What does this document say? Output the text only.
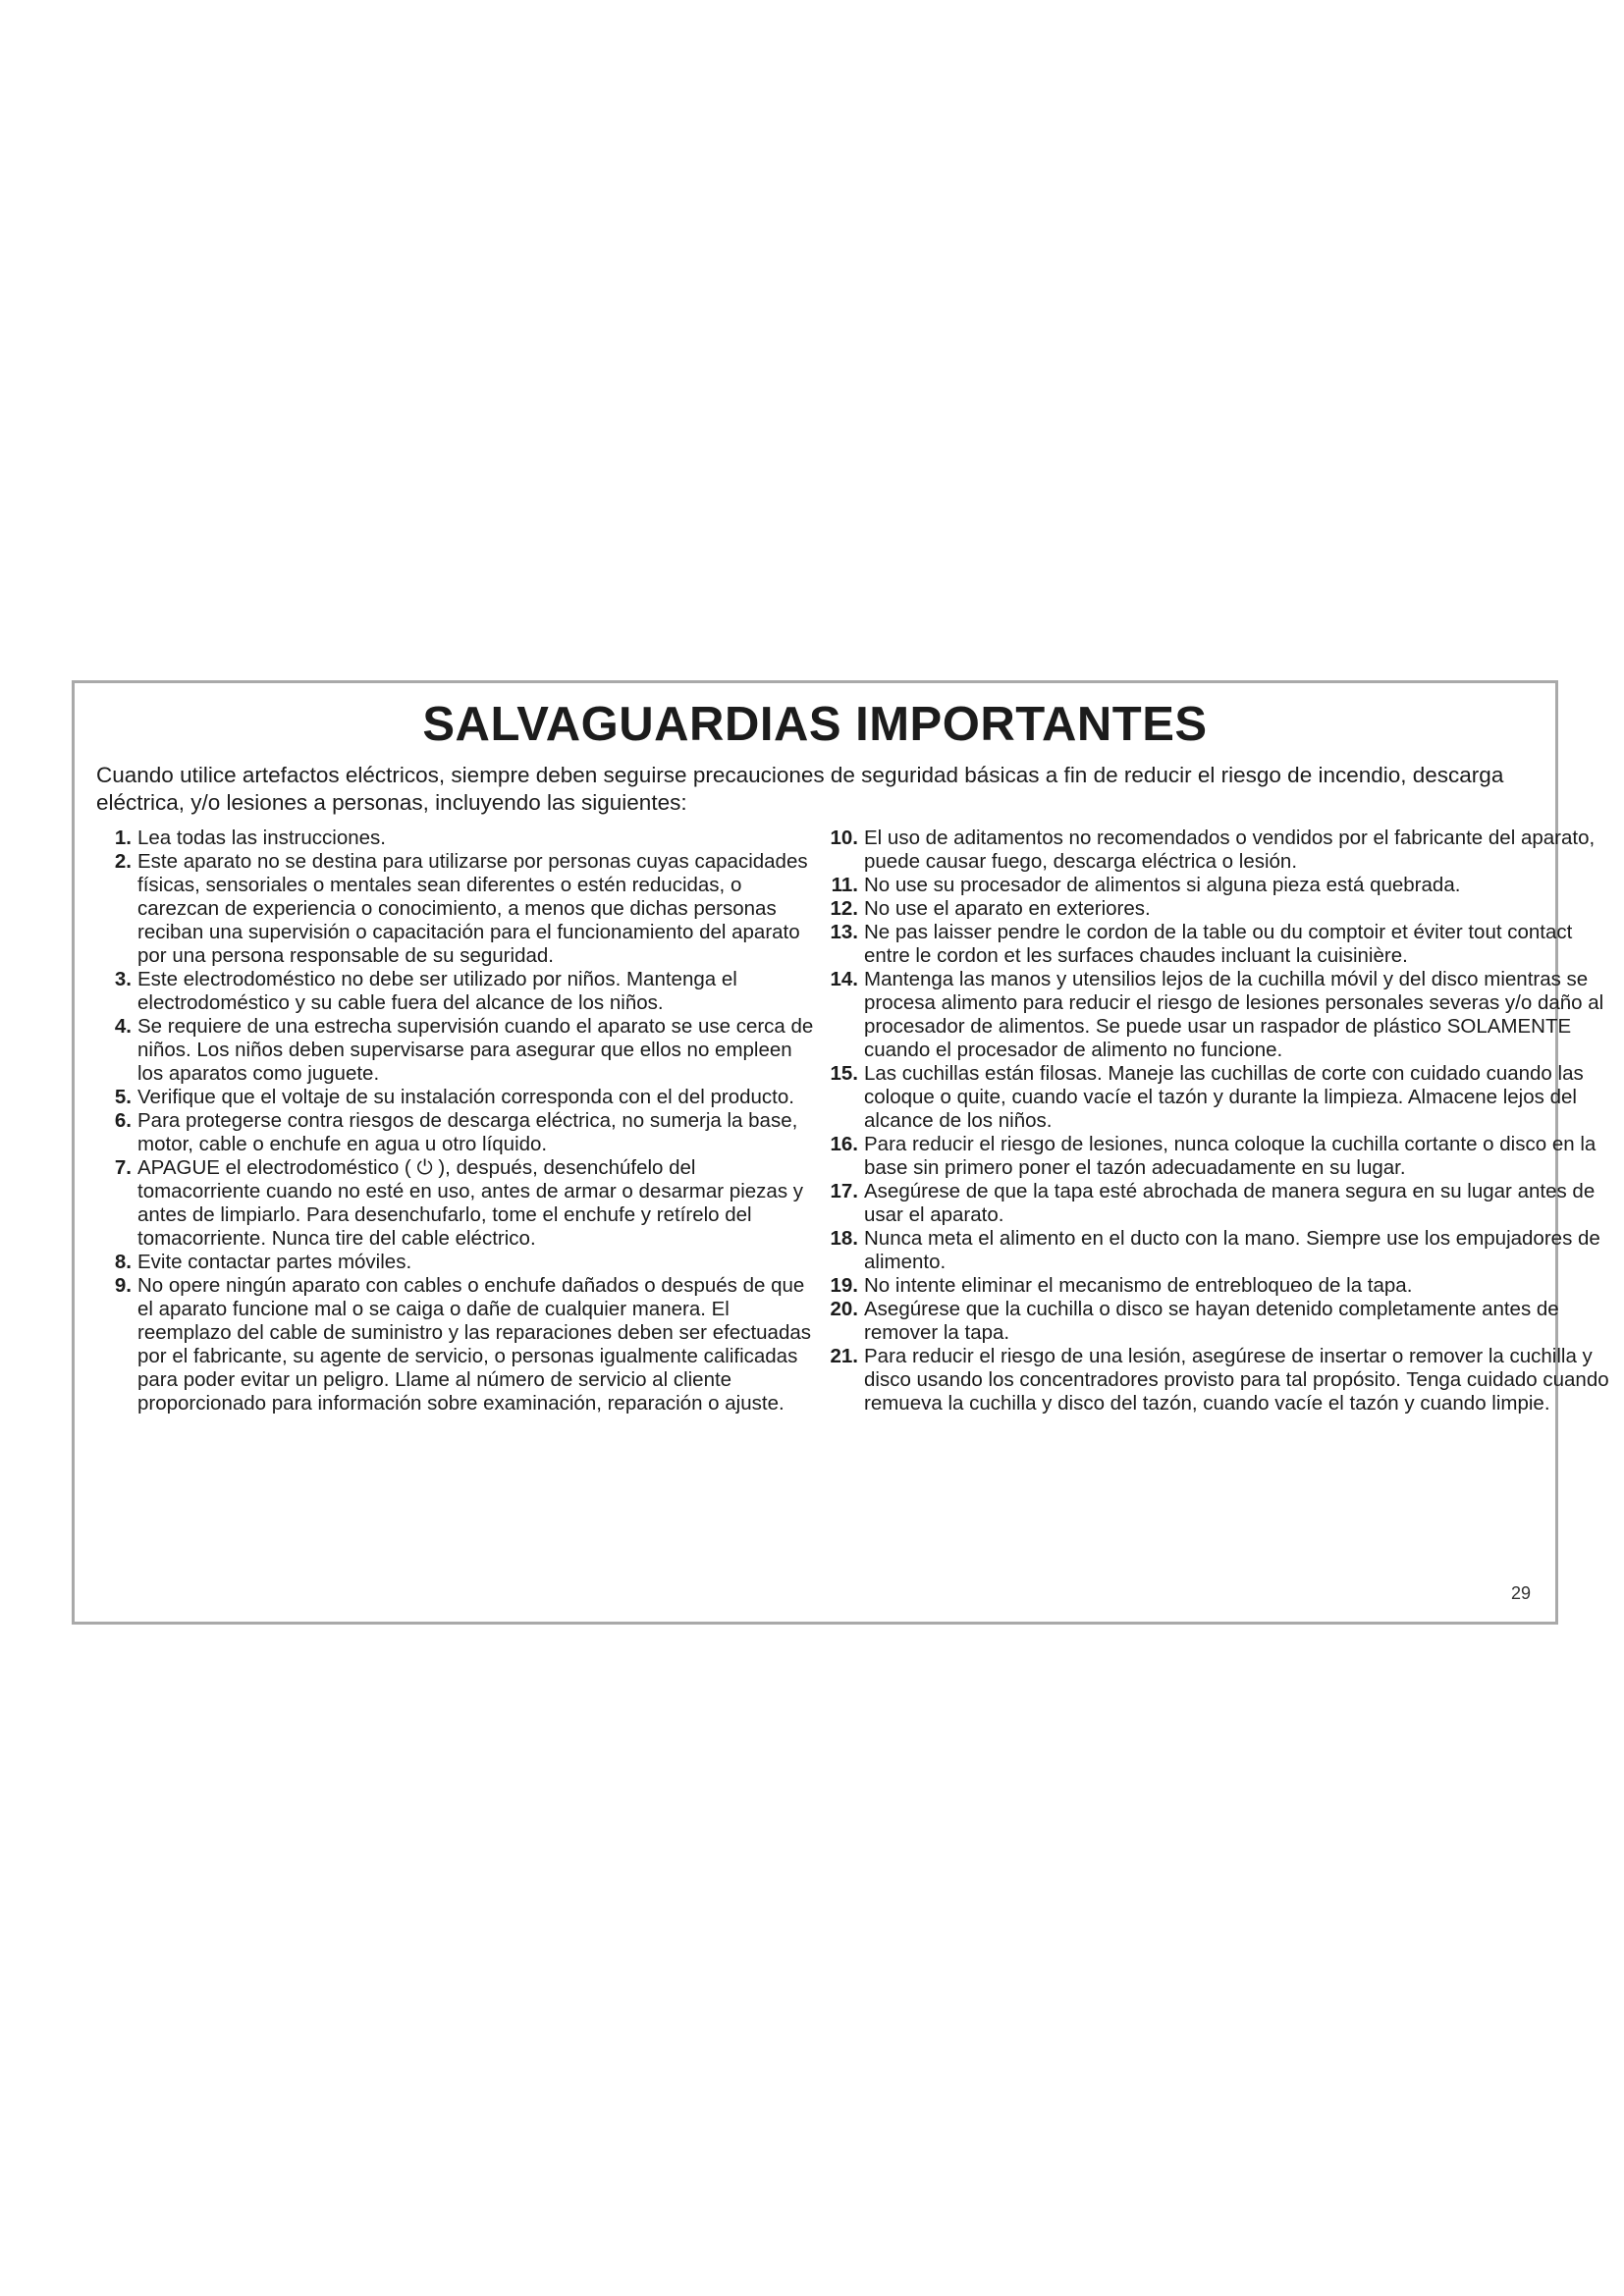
SALVAGUARDIAS IMPORTANTES

Cuando utilice artefactos eléctricos, siempre deben seguirse precauciones de seguridad básicas a fin de reducir el riesgo de incendio, descarga eléctrica, y/o lesiones a personas, incluyendo las siguientes:

1. Lea todas las instrucciones.
2. Este aparato no se destina para utilizarse por personas cuyas capacidades físicas, sensoriales o mentales sean diferentes o estén reducidas, o carezcan de experiencia o conocimiento, a menos que dichas personas reciban una supervisión o capacitación para el funcionamiento del aparato por una persona responsable de su seguridad.
3. Este electrodoméstico no debe ser utilizado por niños. Mantenga el electrodoméstico y su cable fuera del alcance de los niños.
4. Se requiere de una estrecha supervisión cuando el aparato se use cerca de niños. Los niños deben supervisarse para asegurar que ellos no empleen los aparatos como juguete.
5. Verifique que el voltaje de su instalación corresponda con el del producto.
6. Para protegerse contra riesgos de descarga eléctrica, no sumerja la base, motor, cable o enchufe en agua u otro líquido.
7. APAGUE el electrodoméstico ( ⏻ ), después, desenchúfelo del tomacorriente cuando no esté en uso, antes de armar o desarmar piezas y antes de limpiarlo. Para desenchufarlo, tome el enchufe y retírelo del tomacorriente. Nunca tire del cable eléctrico.
8. Evite contactar partes móviles.
9. No opere ningún aparato con cables o enchufe dañados o después de que el aparato funcione mal o se caiga o dañe de cualquier manera. El reemplazo del cable de suministro y las reparaciones deben ser efectuadas por el fabricante, su agente de servicio, o personas igualmente calificadas para poder evitar un peligro. Llame al número de servicio al cliente proporcionado para información sobre examinación, reparación o ajuste.
10. El uso de aditamentos no recomendados o vendidos por el fabricante del aparato, puede causar fuego, descarga eléctrica o lesión.
11. No use su procesador de alimentos si alguna pieza está quebrada.
12. No use el aparato en exteriores.
13. Ne pas laisser pendre le cordon de la table ou du comptoir et éviter tout contact entre le cordon et les surfaces chaudes incluant la cuisinière.
14. Mantenga las manos y utensilios lejos de la cuchilla móvil y del disco mientras se procesa alimento para reducir el riesgo de lesiones personales severas y/o daño al procesador de alimentos. Se puede usar un raspador de plástico SOLAMENTE cuando el procesador de alimento no funcione.
15. Las cuchillas están filosas. Maneje las cuchillas de corte con cuidado cuando las coloque o quite, cuando vacíe el tazón y durante la limpieza. Almacene lejos del alcance de los niños.
16. Para reducir el riesgo de lesiones, nunca coloque la cuchilla cortante o disco en la base sin primero poner el tazón adecuadamente en su lugar.
17. Asegúrese de que la tapa esté abrochada de manera segura en su lugar antes de usar el aparato.
18. Nunca meta el alimento en el ducto con la mano. Siempre use los empujadores de alimento.
19. No intente eliminar el mecanismo de entrebloqueo de la tapa.
20. Asegúrese que la cuchilla o disco se hayan detenido completamente antes de remover la tapa.
21. Para reducir el riesgo de una lesión, asegúrese de insertar o remover la cuchilla y disco usando los concentradores provisto para tal propósito. Tenga cuidado cuando remueva la cuchilla y disco del tazón, cuando vacíe el tazón y cuando limpie.
29
